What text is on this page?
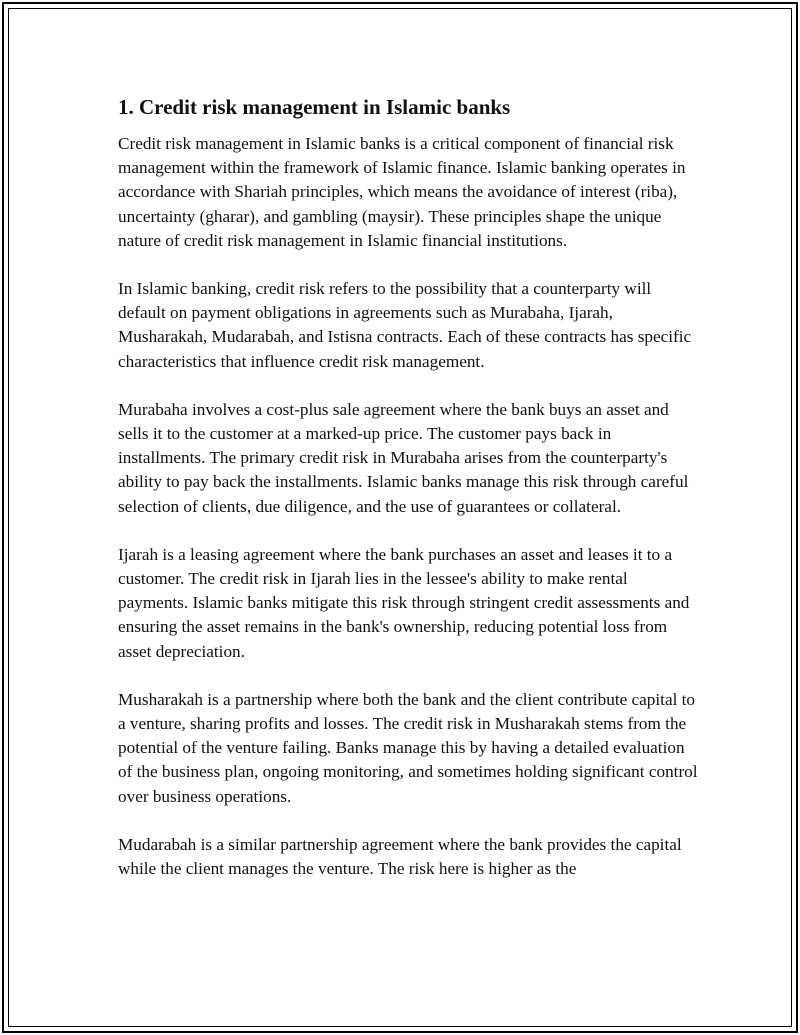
1. Credit risk management in Islamic banks

Credit risk management in Islamic banks is a critical component of financial risk management within the framework of Islamic finance. Islamic banking operates in accordance with Shariah principles, which means the avoidance of interest (riba), uncertainty (gharar), and gambling (maysir). These principles shape the unique nature of credit risk management in Islamic financial institutions.

In Islamic banking, credit risk refers to the possibility that a counterparty will default on payment obligations in agreements such as Murabaha, Ijarah, Musharakah, Mudarabah, and Istisna contracts. Each of these contracts has specific characteristics that influence credit risk management.

Murabaha involves a cost-plus sale agreement where the bank buys an asset and sells it to the customer at a marked-up price. The customer pays back in installments. The primary credit risk in Murabaha arises from the counterparty's ability to pay back the installments. Islamic banks manage this risk through careful selection of clients, due diligence, and the use of guarantees or collateral.

Ijarah is a leasing agreement where the bank purchases an asset and leases it to a customer. The credit risk in Ijarah lies in the lessee's ability to make rental payments. Islamic banks mitigate this risk through stringent credit assessments and ensuring the asset remains in the bank's ownership, reducing potential loss from asset depreciation.

Musharakah is a partnership where both the bank and the client contribute capital to a venture, sharing profits and losses. The credit risk in Musharakah stems from the potential of the venture failing. Banks manage this by having a detailed evaluation of the business plan, ongoing monitoring, and sometimes holding significant control over business operations.

Mudarabah is a similar partnership agreement where the bank provides the capital while the client manages the venture. The risk here is higher as the
